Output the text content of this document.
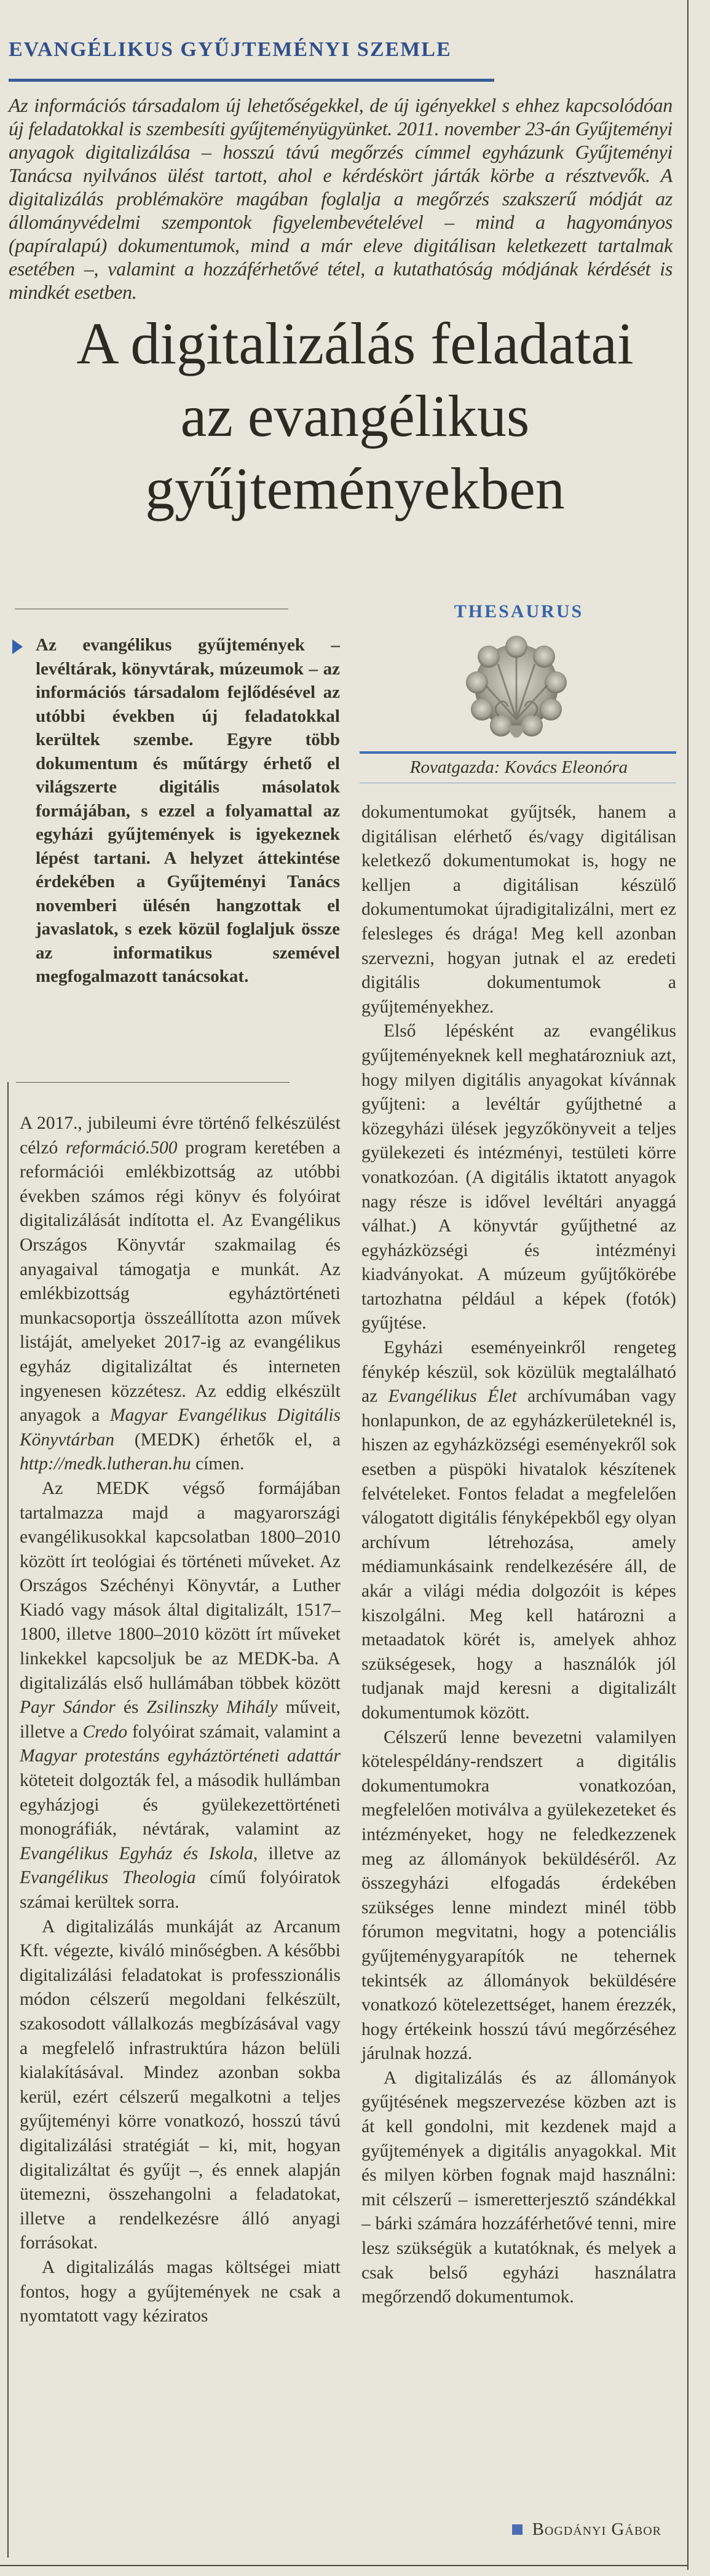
EVANGÉLIKUS GYŰJTEMÉNYI SZEMLE

Az információs társadalom új lehetőségekkel, de új igényekkel s ehhez kapcsolódóan új feladatokkal is szembesíti gyűjteményügyünket. 2011. november 23-án Gyűjteményi anyagok digitalizálása – hosszú távú megőrzés címmel egyházunk Gyűjteményi Tanácsa nyilvános ülést tartott, ahol e kérdéskört járták körbe a résztvevők. A digitalizálás problémaköre magában foglalja a megőrzés szakszerű módját az állományvédelmi szempontok figyelembevételével – mind a hagyományos (papíralapú) dokumentumok, mind a már eleve digitálisan keletkezett tartalmak esetében –, valamint a hozzáférhetővé tétel, a kutathatóság módjának kérdését is mindkét esetben.

A digitalizálás feladatai
az evangélikus
gyűjteményekben

Az evangélikus gyűjtemények – levéltárak, könyvtárak, múzeumok – az információs társadalom fejlődésével az utóbbi években új feladatokkal kerültek szembe. Egyre több dokumentum és műtárgy érhető el világszerte digitális másolatok formájában, s ezzel a folyamattal az egyházi gyűjtemények is igyekeznek lépést tartani. A helyzet áttekintése érdekében a Gyűjteményi Tanács novemberi ülésén hangzottak el javaslatok, s ezek közül foglaljuk össze az informatikus szemével megfogalmazott tanácsokat.

THESAURUS
Rovatgazda: Kovács Eleonóra

A 2017., jubileumi évre történő felkészülést célzó reformáció.500 program keretében a reformációi emlékbizottság az utóbbi években számos régi könyv és folyóirat digitalizálását indította el. Az Evangélikus Országos Könyvtár szakmailag és anyagaival támogatja e munkát. Az emlékbizottság egyháztörténeti munkacsoportja összeállította azon művek listáját, amelyeket 2017-ig az evangélikus egyház digitalizáltat és interneten ingyenesen közzétesz. Az eddig elkészült anyagok a Magyar Evangélikus Digitális Könyvtárban (MEDK) érhetők el, a http://medk.lutheran.hu címen.

Az MEDK végső formájában tartalmazza majd a magyarországi evangélikusokkal kapcsolatban 1800–2010 között írt teológiai és történeti műveket. Az Országos Széchényi Könyvtár, a Luther Kiadó vagy mások által digitalizált, 1517–1800, illetve 1800–2010 között írt műveket linkekkel kapcsoljuk be az MEDK-ba. A digitalizálás első hullámában többek között Payr Sándor és Zsilinszky Mihály műveit, illetve a Credo folyóirat számait, valamint a Magyar protestáns egyháztörténeti adattár köteteit dolgozták fel, a második hullámban egyházjogi és gyülekezettörténeti monográfiák, névtárak, valamint az Evangélikus Egyház és Iskola, illetve az Evangélikus Theologia című folyóiratok számai kerültek sorra.

A digitalizálás munkáját az Arcanum Kft. végezte, kiváló minőségben. A későbbi digitalizálási feladatokat is professzionális módon célszerű megoldani felkészült, szakosodott vállalkozás megbízásával vagy a megfelelő infrastruktúra házon belüli kialakításával. Mindez azonban sokba kerül, ezért célszerű megalkotni a teljes gyűjteményi körre vonatkozó, hosszú távú digitalizálási stratégiát – ki, mit, hogyan digitalizáltat és gyűjt –, és ennek alapján ütemezni, összehangolni a feladatokat, illetve a rendelkezésre álló anyagi forrásokat.

A digitalizálás magas költségei miatt fontos, hogy a gyűjtemények ne csak a nyomtatott vagy kéziratos

dokumentumokat gyűjtsék, hanem a digitálisan elérhető és/vagy digitálisan keletkező dokumentumokat is, hogy ne kelljen a digitálisan készülő dokumentumokat újradigitalizálni, mert ez felesleges és drága! Meg kell azonban szervezni, hogyan jutnak el az eredeti digitális dokumentumok a gyűjteményekhez.

Első lépésként az evangélikus gyűjteményeknek kell meghatározniuk azt, hogy milyen digitális anyagokat kívánnak gyűjteni: a levéltár gyűjthetné a közegyházi ülések jegyzőkönyveit a teljes gyülekezeti és intézményi, testületi körre vonatkozóan. (A digitális iktatott anyagok nagy része is idővel levéltári anyaggá válhat.) A könyvtár gyűjthetné az egyházközségi és intézményi kiadványokat. A múzeum gyűjtőkörébe tartozhatna például a képek (fotók) gyűjtése.

Egyházi eseményeinkről rengeteg fénykép készül, sok közülük megtalálható az Evangélikus Élet archívumában vagy honlapunkon, de az egyházkerületeknél is, hiszen az egyházközségi eseményekről sok esetben a püspöki hivatalok készítenek felvételeket. Fontos feladat a megfelelően válogatott digitális fényképekből egy olyan archívum létrehozása, amely médiamunkásaink rendelkezésére áll, de akár a világi média dolgozóit is képes kiszolgálni. Meg kell határozni a metaadatok körét is, amelyek ahhoz szükségesek, hogy a használók jól tudjanak majd keresni a digitalizált dokumentumok között.

Célszerű lenne bevezetni valamilyen kötelespéldány-rendszert a digitális dokumentumokra vonatkozóan, megfelelően motiválva a gyülekezeteket és intézményeket, hogy ne feledkezzenek meg az állományok beküldéséről. Az összegyházi elfogadás érdekében szükséges lenne mindezt minél több fórumon megvitatni, hogy a potenciális gyűjteménygyarapítók ne tehernek tekintsék az állományok beküldésére vonatkozó kötelezettséget, hanem érezzék, hogy értékeink hosszú távú megőrzéséhez járulnak hozzá.

A digitalizálás és az állományok gyűjtésének megszervezése közben azt is át kell gondolni, mit kezdenek majd a gyűjtemények a digitális anyagokkal. Mit és milyen körben fognak majd használni: mit célszerű – ismeretterjesztő szándékkal – bárki számára hozzáférhetővé tenni, mire lesz szükségük a kutatóknak, és melyek a csak belső egyházi használatra megőrzendő dokumentumok.

Bogdányi Gábor
